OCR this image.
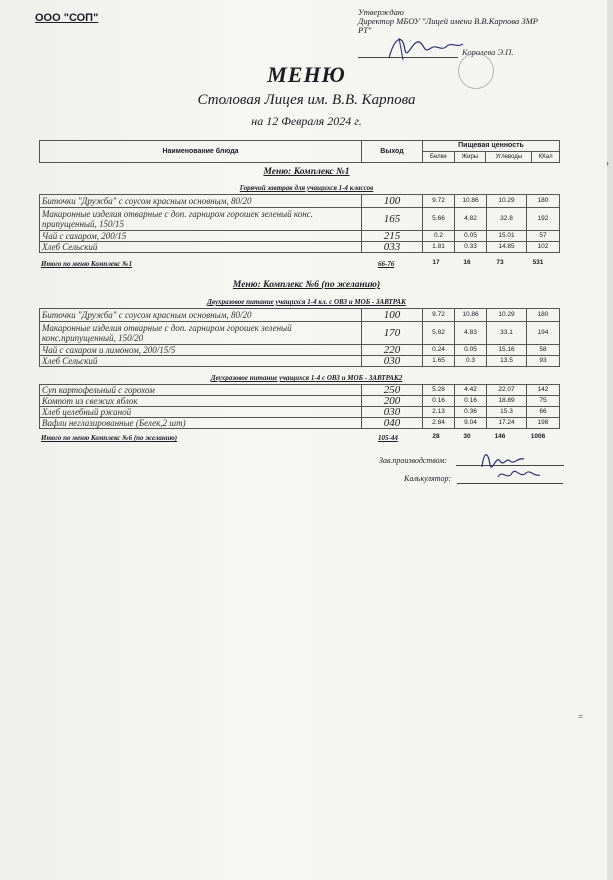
›
=
ООО "СОП"	Утверждаю
Директор МБОУ "Лицей имени В.В.Карпова ЗМР
РТ"
Королева Э.П.
МЕНЮ
Столовая Лицея им. В.В. Карпова
на 12 Февраля 2024 г.
Наименование блюда	Выход	Пищевая ценность			
		Белки	Жиры	Углеводы	ККал
Меню: Комплекс №1
Горячий завтрак для учащихся 1-4 классов
Биточки "Дружба" с соусом красным основным, 80/20	100	9.72	10.86	10.29	180
Макаронные изделия отварные с доп. гарниром горошек зеленый конс. припущенный, 150/15	165	5.66	4.82	32.8	192
Чай с сахаром, 200/15	215	0.2	0.05	15.01	57
Хлеб Сельский	033	1.81	0.33	14.85	102
Итого по меню Комплекс №1	66-76	17	16	73	531
Меню: Комплекс №6 (по желанию)
Двухразовое питание учащихся 1-4 кл. с ОВЗ и МОБ - ЗАВТРАК
Биточки "Дружба" с соусом красным основным, 80/20	100	9.72	10.86	10.29	180
Макаронные изделия отварные с доп. гарниром горошек зеленый конс.припущенный, 150/20	170	5.82	4.83	33.1	194
Чай с сахаром и лимоном, 200/15/5	220	0.24	0.05	15.16	58
Хлеб Сельский	030	1.65	0.3	13.5	93
Двухразовое питание учащихся 1-4 с ОВЗ и МОБ - ЗАВТРАК2
Суп картофельный с горохом	250	5.28	4.42	22.07	142
Компот из свежих яблок	200	0.16	0.16	18.89	75
Хлеб целебный ржаной	030	2.13	0.36	15.3	66
Вафли неглазированные (Белек,2 шт)	040	2.84	9.04	17.24	198
Итого по меню Комплекс №6 (по желанию)	105-44	28	30	146	1006
Зав.производством:
Калькулятор:
